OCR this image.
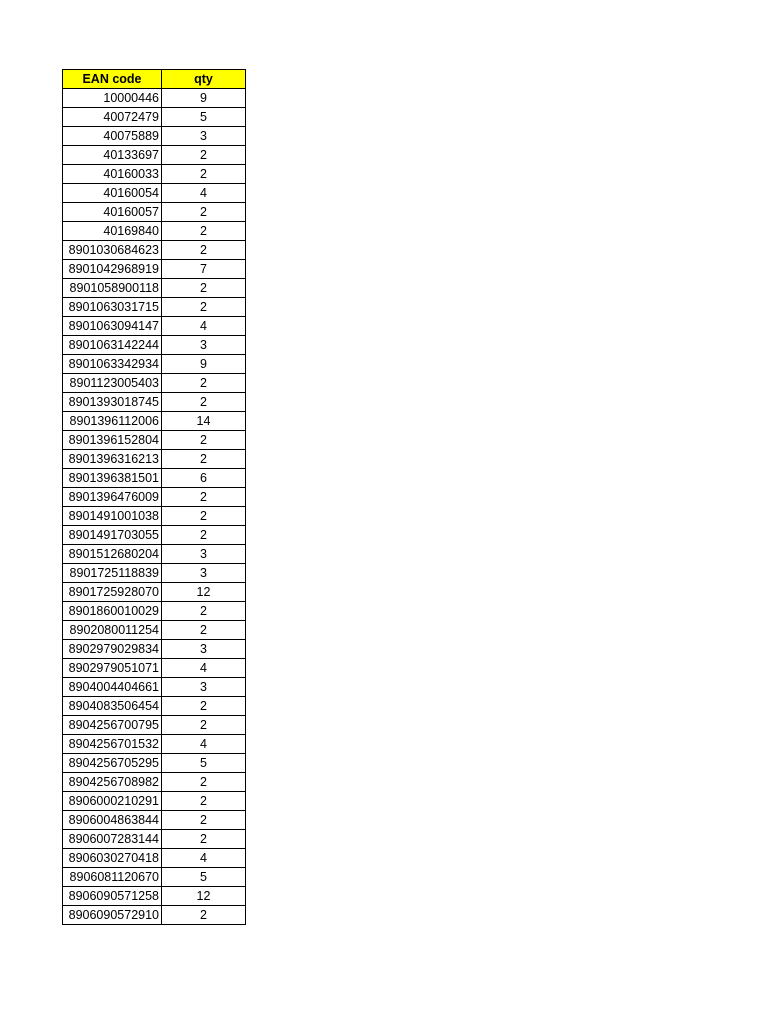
EAN code	qty
10000446	9
40072479	5
40075889	3
40133697	2
40160033	2
40160054	4
40160057	2
40169840	2
8901030684623	2
8901042968919	7
8901058900118	2
8901063031715	2
8901063094147	4
8901063142244	3
8901063342934	9
8901123005403	2
8901393018745	2
8901396112006	14
8901396152804	2
8901396316213	2
8901396381501	6
8901396476009	2
8901491001038	2
8901491703055	2
8901512680204	3
8901725118839	3
8901725928070	12
8901860010029	2
8902080011254	2
8902979029834	3
8902979051071	4
8904004404661	3
8904083506454	2
8904256700795	2
8904256701532	4
8904256705295	5
8904256708982	2
8906000210291	2
8906004863844	2
8906007283144	2
8906030270418	4
8906081120670	5
8906090571258	12
8906090572910	2
